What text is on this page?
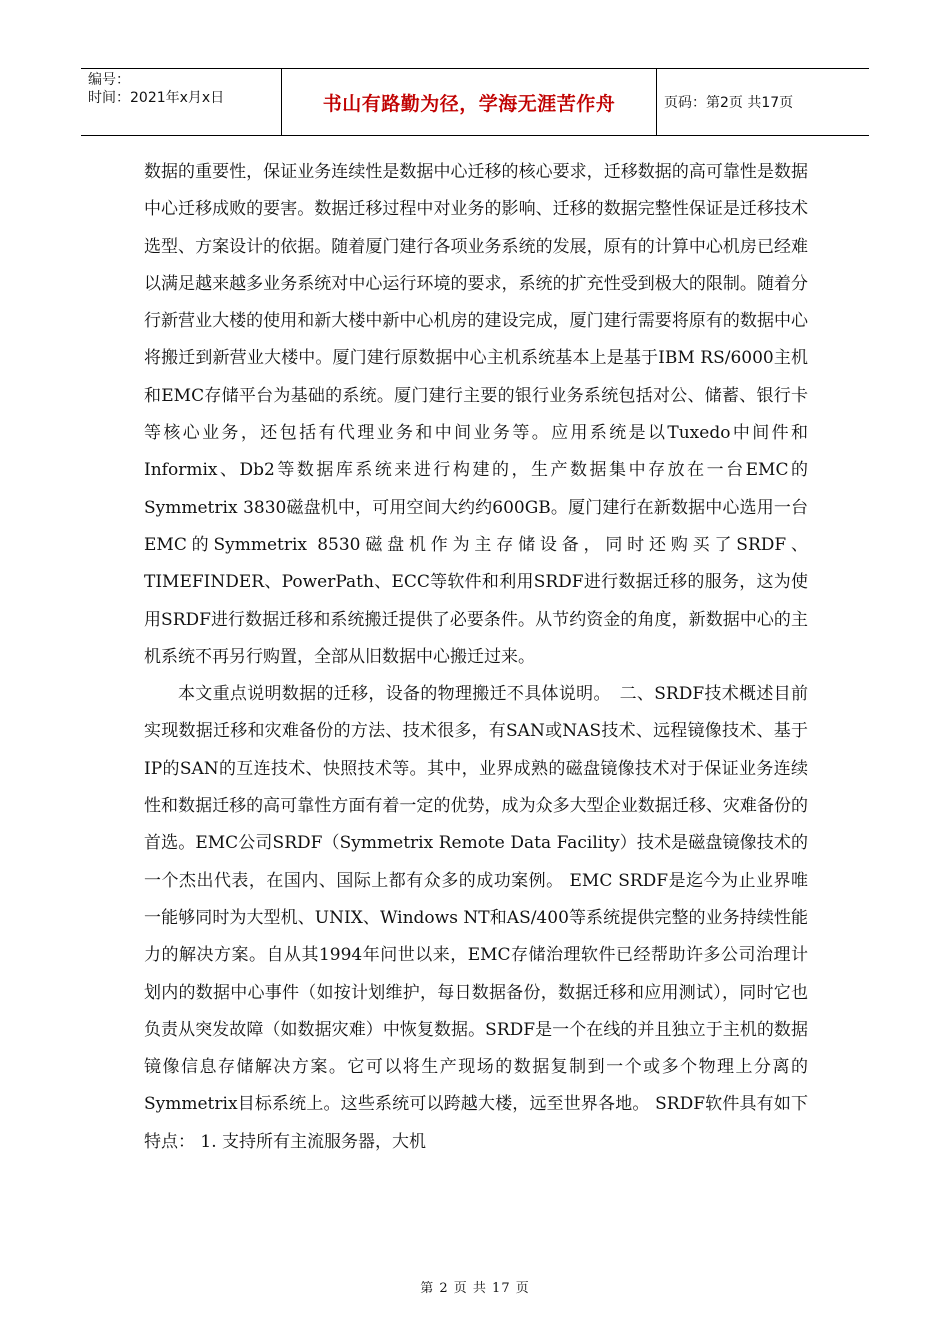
编号：
时间：2021年x月x日	书山有路勤为径，学海无涯苦作舟	页码：第2页 共17页

数据的重要性，保证业务连续性是数据中心迁移的核心要求，迁移数据的高可靠性是数据中心迁移成败的要害。数据迁移过程中对业务的影响、迁移的数据完整性保证是迁移技术选型、方案设计的依据。随着厦门建行各项业务系统的发展，原有的计算中心机房已经难以满足越来越多业务系统对中心运行环境的要求，系统的扩充性受到极大的限制。随着分行新营业大楼的使用和新大楼中新中心机房的建设完成，厦门建行需要将原有的数据中心将搬迁到新营业大楼中。厦门建行原数据中心主机系统基本上是基于IBM RS/6000主机和EMC存储平台为基础的系统。厦门建行主要的银行业务系统包括对公、储蓄、银行卡等核心业务，还包括有代理业务和中间业务等。应用系统是以Tuxedo中间件和Informix、Db2等数据库系统来进行构建的，生产数据集中存放在一台EMC的Symmetrix 3830磁盘机中，可用空间大约约600GB。厦门建行在新数据中心选用一台EMC的Symmetrix 8530磁盘机作为主存储设备，同时还购买了SRDF、TIMEFINDER、PowerPath、ECC等软件和利用SRDF进行数据迁移的服务，这为使用SRDF进行数据迁移和系统搬迁提供了必要条件。从节约资金的角度，新数据中心的主机系统不再另行购置，全部从旧数据中心搬迁过来。

本文重点说明数据的迁移，设备的物理搬迁不具体说明。　二、SRDF技术概述目前实现数据迁移和灾难备份的方法、技术很多，有SAN或NAS技术、远程镜像技术、基于IP的SAN的互连技术、快照技术等。其中，业界成熟的磁盘镜像技术对于保证业务连续性和数据迁移的高可靠性方面有着一定的优势，成为众多大型企业数据迁移、灾难备份的首选。EMC公司SRDF（Symmetrix Remote Data Facility）技术是磁盘镜像技术的一个杰出代表，在国内、国际上都有众多的成功案例。 EMC SRDF是迄今为止业界唯一能够同时为大型机、UNIX、Windows NT和AS/400等系统提供完整的业务持续性能力的解决方案。自从其1994年问世以来，EMC存储治理软件已经帮助许多公司治理计划内的数据中心事件（如按计划维护，每日数据备份，数据迁移和应用测试），同时它也负责从突发故障（如数据灾难）中恢复数据。SRDF是一个在线的并且独立于主机的数据镜像信息存储解决方案。它可以将生产现场的数据复制到一个或多个物理上分离的Symmetrix目标系统上。这些系统可以跨越大楼，远至世界各地。 SRDF软件具有如下特点： 1. 支持所有主流服务器，大机

第 2 页 共 17 页
